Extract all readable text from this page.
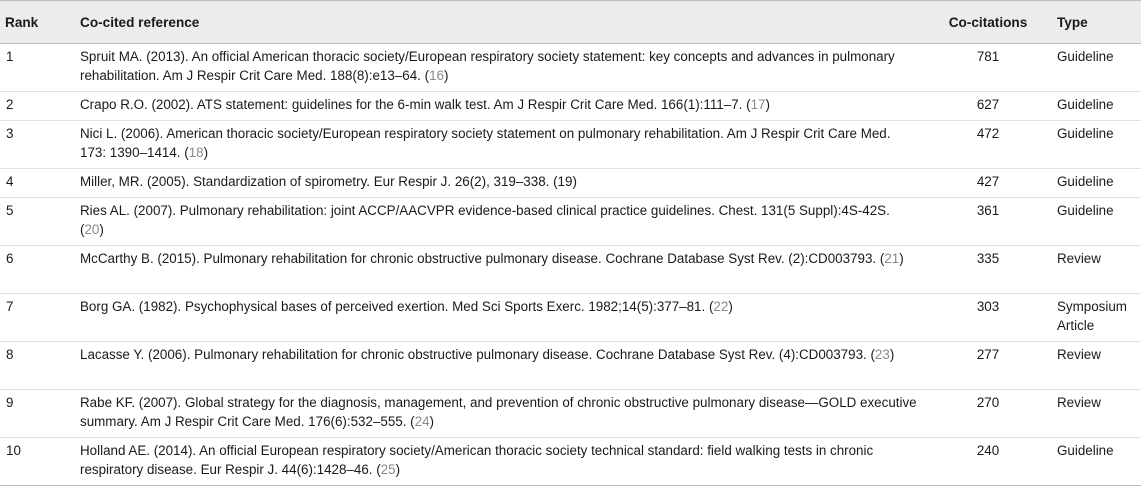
Rank	Co-cited reference	Co-citations	Type
1	Spruit MA. (2013). An official American thoracic society/European respiratory society statement: key concepts and advances in pulmonary rehabilitation. Am J Respir Crit Care Med. 188(8):e13–64. (16)	781	Guideline
2	Crapo R.O. (2002). ATS statement: guidelines for the 6-min walk test. Am J Respir Crit Care Med. 166(1):111–7. (17)	627	Guideline
3	Nici L. (2006). American thoracic society/European respiratory society statement on pulmonary rehabilitation. Am J Respir Crit Care Med. 173: 1390–1414. (18)	472	Guideline
4	Miller, MR. (2005). Standardization of spirometry. Eur Respir J. 26(2), 319–338. (19)	427	Guideline
5	Ries AL. (2007). Pulmonary rehabilitation: joint ACCP/AACVPR evidence-based clinical practice guidelines. Chest. 131(5 Suppl):4S-42S. (20)	361	Guideline
6	McCarthy B. (2015). Pulmonary rehabilitation for chronic obstructive pulmonary disease. Cochrane Database Syst Rev. (2):CD003793. (21)	335	Review
7	Borg GA. (1982). Psychophysical bases of perceived exertion. Med Sci Sports Exerc. 1982;14(5):377–81. (22)	303	Symposium Article
8	Lacasse Y. (2006). Pulmonary rehabilitation for chronic obstructive pulmonary disease. Cochrane Database Syst Rev. (4):CD003793. (23)	277	Review
9	Rabe KF. (2007). Global strategy for the diagnosis, management, and prevention of chronic obstructive pulmonary disease—GOLD executive summary. Am J Respir Crit Care Med. 176(6):532–555. (24)	270	Review
10	Holland AE. (2014). An official European respiratory society/American thoracic society technical standard: field walking tests in chronic respiratory disease. Eur Respir J. 44(6):1428–46. (25)	240	Guideline
